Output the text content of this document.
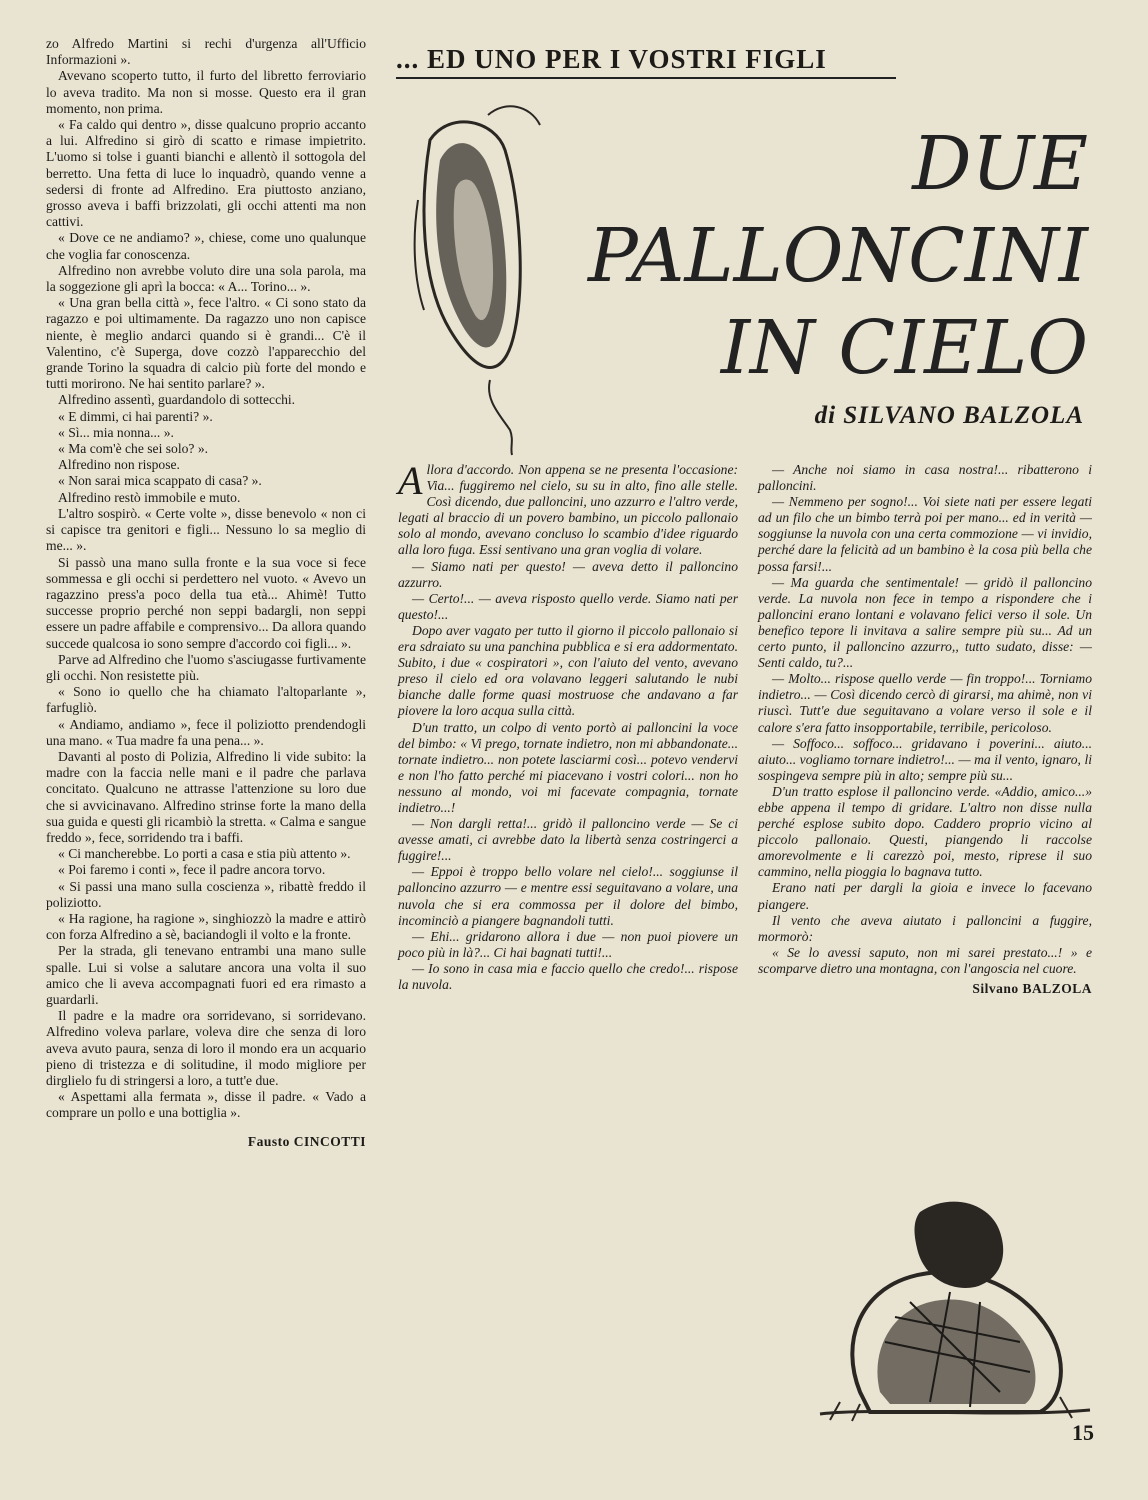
zo Alfredo Martini si rechi d'urgenza all'Ufficio Informazioni ».

Avevano scoperto tutto, il furto del libretto ferroviario lo aveva tradito. Ma non si mosse. Questo era il gran momento, non prima.

« Fa caldo qui dentro », disse qualcuno proprio accanto a lui. Alfredino si girò di scatto e rimase impietrito. L'uomo si tolse i guanti bianchi e allentò il sottogola del berretto. Una fetta di luce lo inquadrò, quando venne a sedersi di fronte ad Alfredino. Era piuttosto anziano, grosso aveva i baffi brizzolati, gli occhi attenti ma non cattivi.

« Dove ce ne andiamo? », chiese, come uno qualunque che voglia far conoscenza.

Alfredino non avrebbe voluto dire una sola parola, ma la soggezione gli aprì la bocca: « A... Torino... ».

« Una gran bella città », fece l'altro. « Ci sono stato da ragazzo e poi ultimamente. Da ragazzo uno non capisce niente, è meglio andarci quando si è grandi... C'è il Valentino, c'è Superga, dove cozzò l'apparecchio del grande Torino la squadra di calcio più forte del mondo e tutti morirono. Ne hai sentito parlare? ».

Alfredino assentì, guardandolo di sottecchi.

« E dimmi, ci hai parenti? ».

« Sì... mia nonna... ».

« Ma com'è che sei solo? ».

Alfredino non rispose.

« Non sarai mica scappato di casa? ».

Alfredino restò immobile e muto.

L'altro sospirò. « Certe volte », disse benevolo « non ci si capisce tra genitori e figli... Nessuno lo sa meglio di me... ».

Si passò una mano sulla fronte e la sua voce si fece sommessa e gli occhi si perdettero nel vuoto. « Avevo un ragazzino press'a poco della tua età... Ahimè! Tutto successe proprio perché non seppi badargli, non seppi essere un padre affabile e comprensivo... Da allora quando succede qualcosa io sono sempre d'accordo coi figli... ».

Parve ad Alfredino che l'uomo s'asciugasse furtivamente gli occhi. Non resistette più.

« Sono io quello che ha chiamato l'altoparlante », farfugliò.

« Andiamo, andiamo », fece il poliziotto prendendogli una mano. « Tua madre fa una pena... ».

Davanti al posto di Polizia, Alfredino li vide subito: la madre con la faccia nelle mani e il padre che parlava concitato. Qualcuno ne attrasse l'attenzione su loro due che si avvicinavano. Alfredino strinse forte la mano della sua guida e questi gli ricambiò la stretta. « Calma e sangue freddo », fece, sorridendo tra i baffi.

« Ci mancherebbe. Lo porti a casa e stia più attento ».

« Poi faremo i conti », fece il padre ancora torvo.

« Si passi una mano sulla coscienza », ribattè freddo il poliziotto.

« Ha ragione, ha ragione », singhiozzò la madre e attirò con forza Alfredino a sè, baciandogli il volto e la fronte.

Per la strada, gli tenevano entrambi una mano sulle spalle. Lui si volse a salutare ancora una volta il suo amico che li aveva accompagnati fuori ed era rimasto a guardarli.

Il padre e la madre ora sorridevano, si sorridevano. Alfredino voleva parlare, voleva dire che senza di loro aveva avuto paura, senza di loro il mondo era un acquario pieno di tristezza e di solitudine, il modo migliore per dirglielo fu di stringersi a loro, a tutt'e due.

« Aspettami alla fermata », disse il padre. « Vado a comprare un pollo e una bottiglia ».

Fausto CINCOTTI
... ED UNO PER I VOSTRI FIGLI
DUE
PALLONCINI
IN CIELO
di SILVANO BALZOLA

Allora d'accordo. Non appena se ne presenta l'occasione: Via... fuggiremo nel cielo, su su in alto, fino alle stelle. Così dicendo, due palloncini, uno azzurro e l'altro verde, legati al braccio di un povero bambino, un piccolo pallonaio solo al mondo, avevano concluso lo scambio d'idee riguardo alla loro fuga. Essi sentivano una gran voglia di volare.

— Siamo nati per questo! — aveva detto il palloncino azzurro.

— Certo!... — aveva risposto quello verde. Siamo nati per questo!...

Dopo aver vagato per tutto il giorno il piccolo pallonaio si era sdraiato su una panchina pubblica e si era addormentato. Subito, i due « cospiratori », con l'aiuto del vento, avevano preso il cielo ed ora volavano leggeri salutando le nubi bianche dalle forme quasi mostruose che andavano a far piovere la loro acqua sulla città.

D'un tratto, un colpo di vento portò ai palloncini la voce del bimbo: « Vi prego, tornate indietro, non mi abbandonate... tornate indietro... non potete lasciarmi così... potevo vendervi e non l'ho fatto perché mi piacevano i vostri colori... non ho nessuno al mondo, voi mi facevate compagnia, tornate indietro...!

— Non dargli retta!... gridò il palloncino verde — Se ci avesse amati, ci avrebbe dato la libertà senza costringerci a fuggire!...

— Eppoi è troppo bello volare nel cielo!... soggiunse il palloncino azzurro — e mentre essi seguitavano a volare, una nuvola che si era commossa per il dolore del bimbo, incominciò a piangere bagnandoli tutti.

— Ehi... gridarono allora i due — non puoi piovere un poco più in là?... Ci hai bagnati tutti!...

— Io sono in casa mia e faccio quello che credo!... rispose la nuvola.

— Anche noi siamo in casa nostra!... ribatterono i palloncini.

— Nemmeno per sogno!... Voi siete nati per essere legati ad un filo che un bimbo terrà poi per mano... ed in verità — soggiunse la nuvola con una certa commozione — vi invidio, perché dare la felicità ad un bambino è la cosa più bella che possa farsi!...

— Ma guarda che sentimentale! — gridò il palloncino verde. La nuvola non fece in tempo a rispondere che i palloncini erano lontani e volavano felici verso il sole. Un benefico tepore li invitava a salire sempre più su... Ad un certo punto, il palloncino azzurro,, tutto sudato, disse: — Senti caldo, tu?...

— Molto... rispose quello verde — fin troppo!... Torniamo indietro... — Così dicendo cercò di girarsi, ma ahimè, non vi riuscì. Tutt'e due seguitavano a volare verso il sole e il calore s'era fatto insopportabile, terribile, pericoloso.

— Soffoco... soffoco... gridavano i poverini... aiuto... aiuto... vogliamo tornare indietro!... — ma il vento, ignaro, li sospingeva sempre più in alto; sempre più su...

D'un tratto esplose il palloncino verde. «Addio, amico...» ebbe appena il tempo di gridare. L'altro non disse nulla perché esplose subito dopo. Caddero proprio vicino al piccolo pallonaio. Questi, piangendo li raccolse amorevolmente e li carezzò poi, mesto, riprese il suo cammino, nella pioggia lo bagnava tutto.

Erano nati per dargli la gioia e invece lo facevano piangere.

Il vento che aveva aiutato i palloncini a fuggire, mormorò:

« Se lo avessi saputo, non mi sarei prestato...! » e scomparve dietro una montagna, con l'angoscia nel cuore.

Silvano BALZOLA
15
